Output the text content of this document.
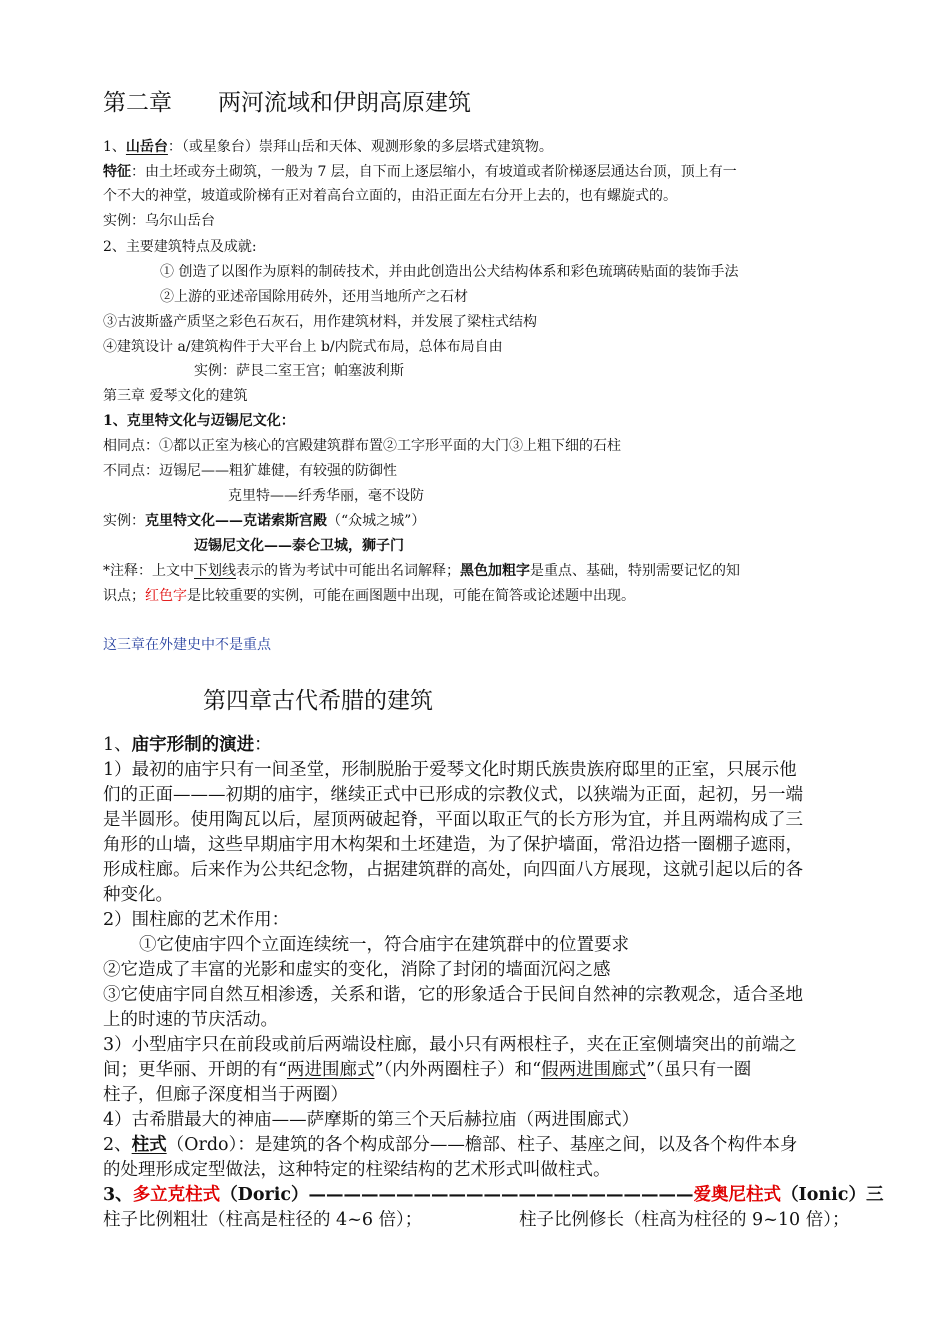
第二章　　两河流域和伊朗高原建筑
1、山岳台：（或星象台）崇拜山岳和天体、观测形象的多层塔式建筑物。
特征：由土坯或夯土砌筑，一般为 7 层，自下而上逐层缩小，有坡道或者阶梯逐层通达台顶，顶上有一
个不大的神堂，坡道或阶梯有正对着高台立面的，由沿正面左右分开上去的，也有螺旋式的。
实例：乌尔山岳台
2、主要建筑特点及成就:
① 创造了以图作为原料的制砖技术，并由此创造出公犬结构体系和彩色琉璃砖贴面的装饰手法
②上游的亚述帝国除用砖外，还用当地所产之石材
③古波斯盛产质坚之彩色石灰石，用作建筑材料，并发展了梁柱式结构
④建筑设计 a/建筑构件于大平台上 b/内院式布局，总体布局自由
实例：萨艮二室王宫；帕塞波利斯
第三章 爱琴文化的建筑
1、克里特文化与迈锡尼文化：
相同点：①都以正室为核心的宫殿建筑群布置②工字形平面的大门③上粗下细的石柱
不同点：迈锡尼——粗犷雄健，有较强的防御性
克里特——纤秀华丽，毫不设防
实例：克里特文化——克诺索斯宫殿（“众城之城”）
迈锡尼文化——泰仑卫城，狮子门
*注释：上文中下划线表示的皆为考试中可能出名词解释；黑色加粗字是重点、基础，特别需要记忆的知
识点；红色字是比较重要的实例，可能在画图题中出现，可能在简答或论述题中出现。
这三章在外建史中不是重点
第四章古代希腊的建筑
1、庙宇形制的演进：
1）最初的庙宇只有一间圣堂，形制脱胎于爱琴文化时期氏族贵族府邸里的正室，只展示他
们的正面———初期的庙宇，继续正式中已形成的宗教仪式，以狭端为正面，起初，另一端
是半圆形。使用陶瓦以后，屋顶两破起脊，平面以取正气的长方形为宜，并且两端构成了三
角形的山墙，这些早期庙宇用木构架和土坯建造，为了保护墙面，常沿边搭一圈棚子遮雨，
形成柱廊。后来作为公共纪念物，占据建筑群的高处，向四面八方展现，这就引起以后的各
种变化。
2）围柱廊的艺术作用：
①它使庙宇四个立面连续统一，符合庙宇在建筑群中的位置要求
②它造成了丰富的光影和虚实的变化，消除了封闭的墙面沉闷之感
③它使庙宇同自然互相渗透，关系和谐，它的形象适合于民间自然神的宗教观念，适合圣地
上的时速的节庆活动。
3）小型庙宇只在前段或前后两端设柱廊，最小只有两根柱子，夹在正室侧墙突出的前端之
间；更华丽、开朗的有“两进围廊式”（内外两圈柱子）和“假两进围廊式”（虽只有一圈
柱子，但廊子深度相当于两圈）
4）古希腊最大的神庙——萨摩斯的第三个天后赫拉庙（两进围廊式）
2、柱式（Ordo）：是建筑的各个构成部分——檐部、柱子、基座之间，以及各个构件本身
的处理形成定型做法，这种特定的柱梁结构的艺术形式叫做柱式。
3、多立克柱式（Doric）——————————————————————爱奥尼柱式（Ionic）三
柱子比例粗壮（柱高是柱径的 4~6 倍）；	柱子比例修长（柱高为柱径的 9~10 倍）；
